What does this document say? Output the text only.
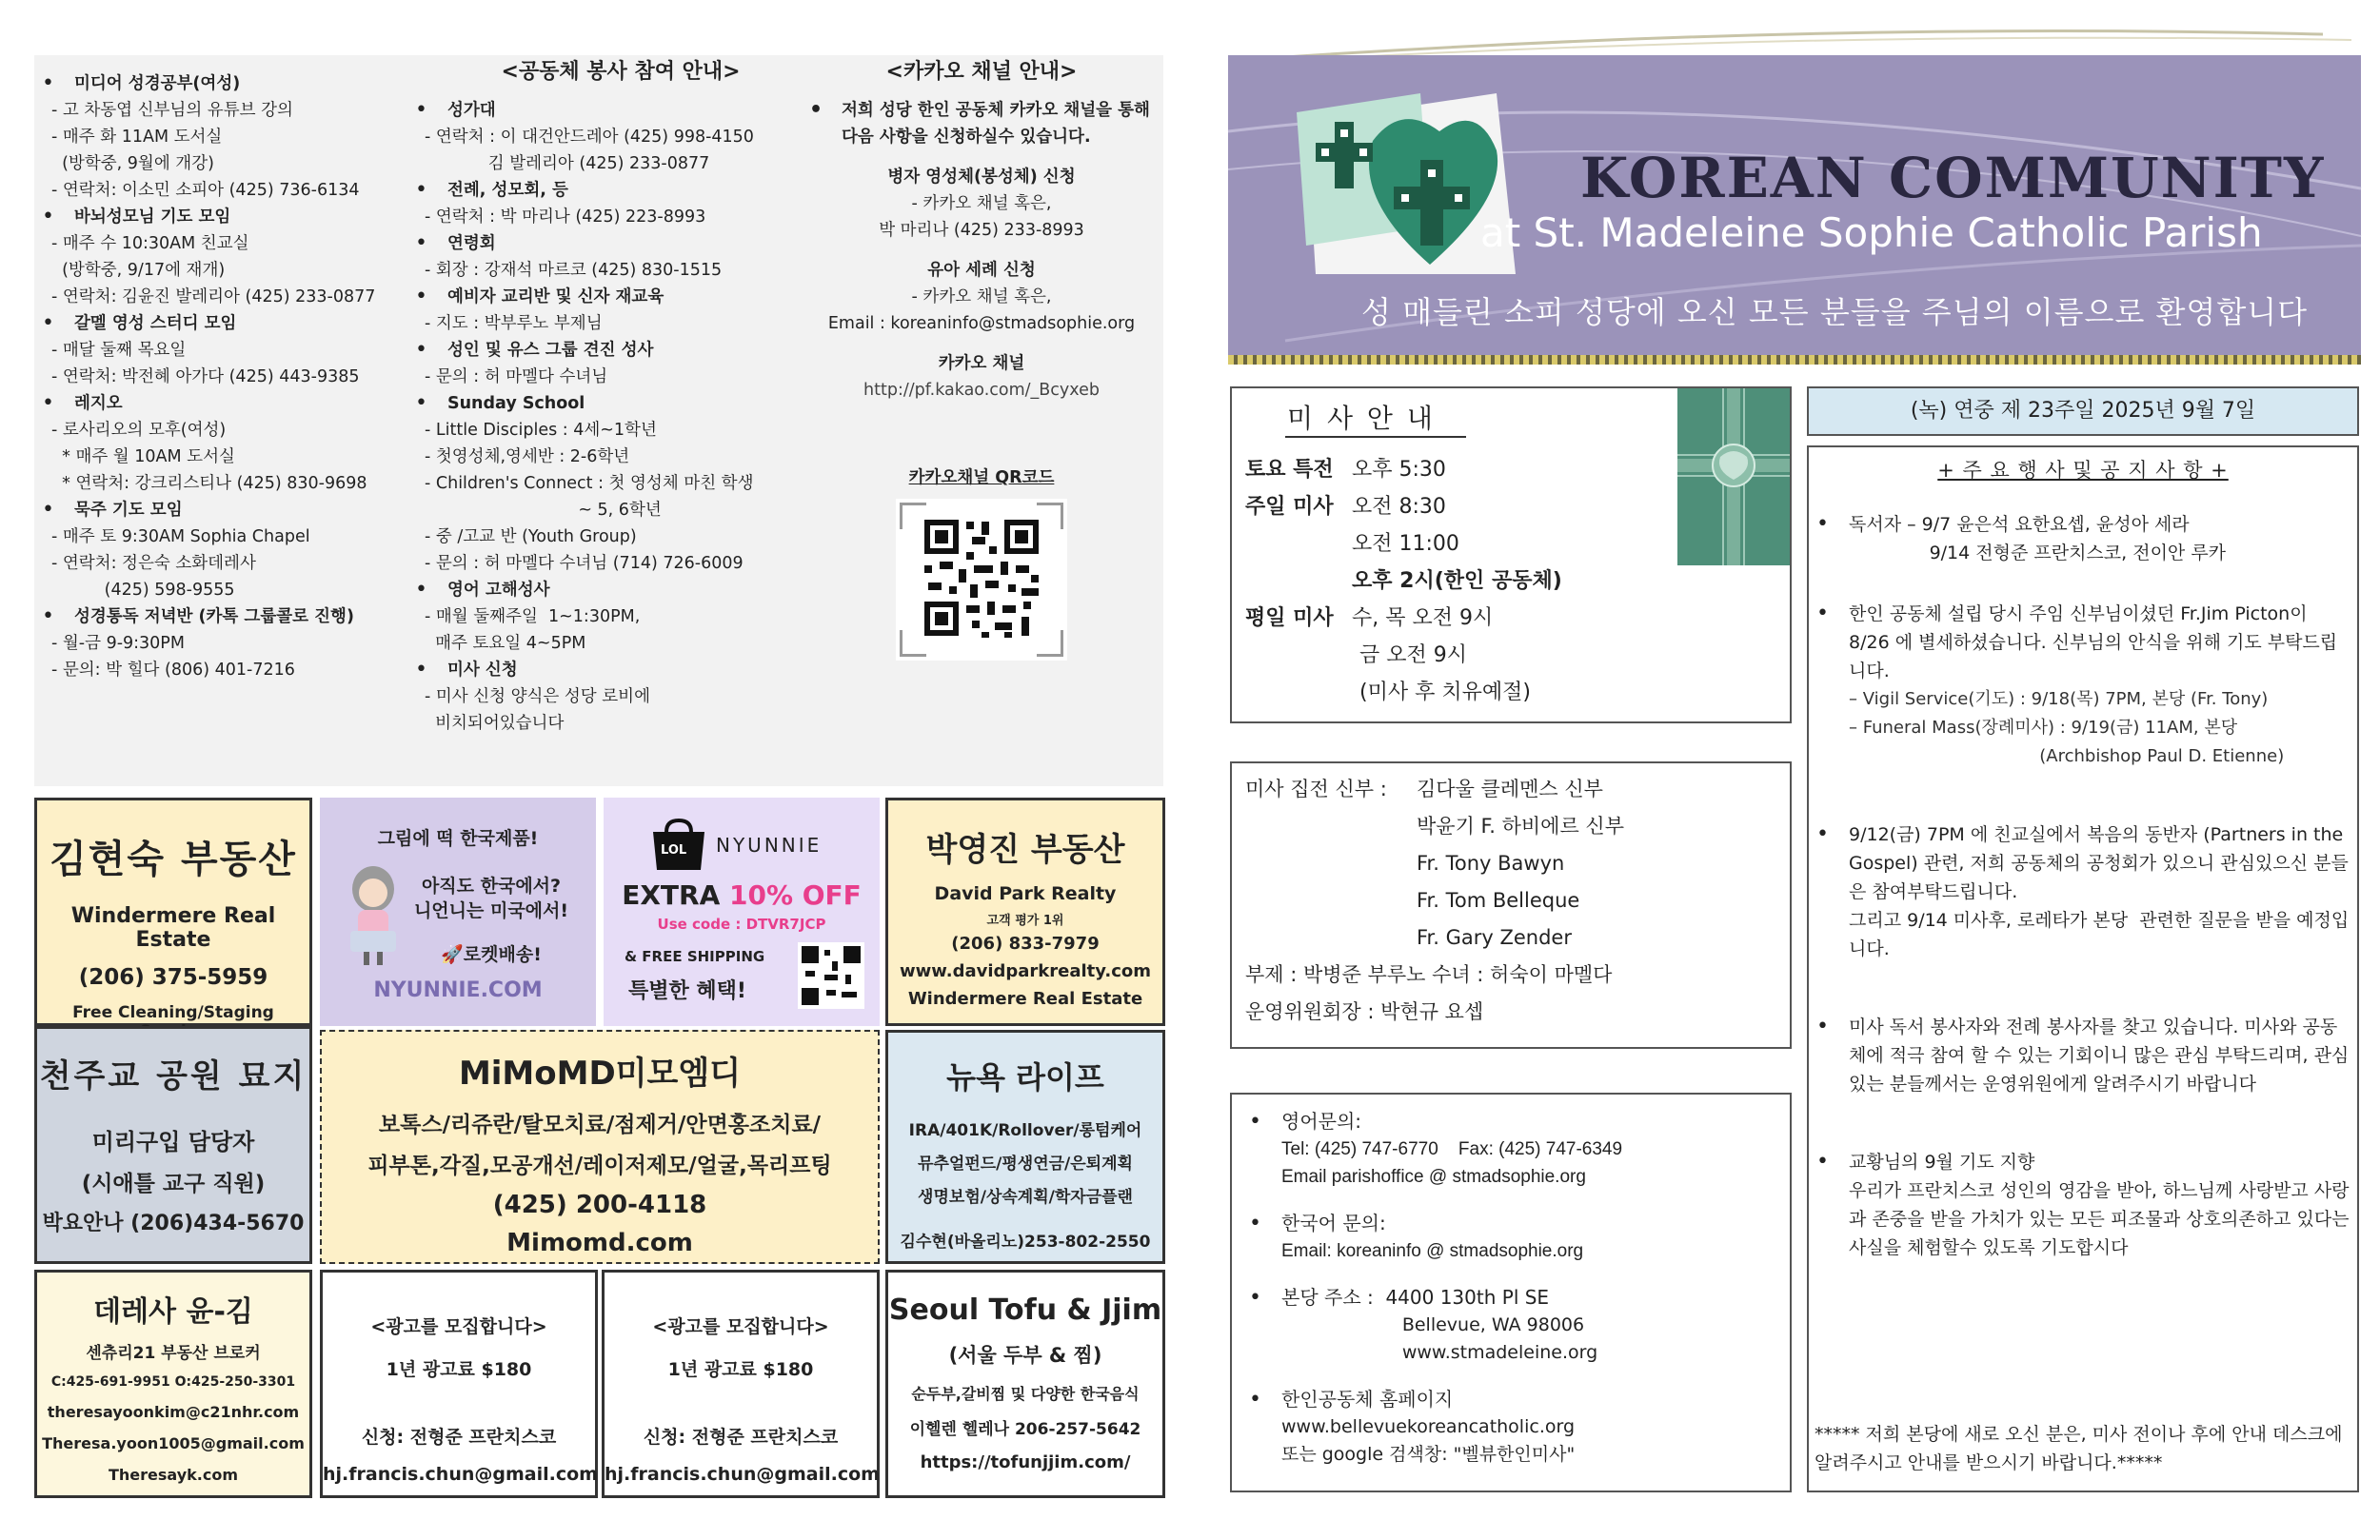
• 미디어 성경공부(여성)
- 고 차동엽 신부님의 유튜브 강의
- 매주 화 11AM 도서실
(방학중, 9월에 개강)
- 연락처: 이소민 소피아 (425) 736-6134
• 바뇌성모님 기도 모임
- 매주 수 10:30AM 친교실
(방학중, 9/17에 재개)
- 연락처: 김윤진 발레리아 (425) 233-0877
• 갈멜 영성 스터디 모임
- 매달 둘째 목요일
- 연락처: 박전혜 아가다 (425) 443-9385
• 레지오
- 로사리오의 모후(여성)
* 매주 월 10AM 도서실
* 연락처: 강크리스티나 (425) 830-9698
• 묵주 기도 모임
- 매주 토 9:30AM Sophia Chapel
- 연락처: 정은숙 소화데레사
(425) 598-9555
• 성경통독 저녁반 (카톡 그룹콜로 진행)
- 월-금 9-9:30PM
- 문의: 박 힐다 (806) 401-7216
<공동체 봉사 참여 안내>
• 성가대
- 연락처 : 이 대건안드레아 (425) 998-4150
김 발레리아 (425) 233-0877
• 전례, 성모회, 등
- 연락처 : 박 마리나 (425) 223-8993
• 연령회
- 회장 : 강재석 마르코 (425) 830-1515
• 예비자 교리반 및 신자 재교육
- 지도 : 박부루노 부제님
• 성인 및 유스 그룹 견진 성사
- 문의 : 허 마멜다 수녀님
• Sunday School
- Little Disciples : 4세~1학년
- 첫영성체,영세반 : 2-6학년
- Children's Connect : 첫 영성체 마친 학생
~ 5, 6학년
- 중 /고교 반 (Youth Group)
- 문의 : 허 마멜다 수녀님 (714) 726-6009
• 영어 고해성사
- 매월 둘째주일  1~1:30PM,
매주 토요일 4~5PM
• 미사 신청
- 미사 신청 양식은 성당 로비에
비치되어있습니다
<카카오 채널 안내>
• 저희 성당 한인 공동체 카카오 채널을 통해 다음 사항을 신청하실수 있습니다.
병자 영성체(봉성체) 신청
- 카카오 채널 혹은,
박 마리나 (425) 233-8993
유아 세례 신청
- 카카오 채널 혹은,
Email : koreaninfo@stmadsophie.org
카카오 채널
http://pf.kakao.com/_Bcyxeb
카카오채널 QR코드
김현숙 부동산
Windermere Real Estate
(206) 375-5959
Free Cleaning/Staging
그림에 떡 한국제품!
아직도 한국에서?
니언니는 미국에서!
🚀로켓배송!
NYUNNIE.COM
LOL NYUNNIE
EXTRA 10% OFF
Use code : DTVR7JCP
& FREE SHIPPING
특별한 혜택!
박영진 부동산
David Park Realty
고객 평가 1위
(206) 833-7979
www.davidparkrealty.com
Windermere Real Estate
천주교 공원 묘지
미리구입 담당자
(시애틀 교구 직원)
박요안나 (206)434-5670
MiMoMD미모엠디
보톡스/리쥬란/탈모치료/점제거/안면홍조치료/
피부톤,각질,모공개선/레이저제모/얼굴,목리프팅
(425) 200-4118
Mimomd.com
뉴욕 라이프
IRA/401K/Rollover/롱텀케어
뮤추얼펀드/평생연금/은퇴계획
생명보험/상속계획/학자금플랜
김수현(바올리노)253-802-2550
데레사 윤-김
센츄리21 부동산 브로커
C:425-691-9951 O:425-250-3301
theresayoonkim@c21nhr.com
Theresa.yoon1005@gmail.com
Theresayk.com
<광고를 모집합니다>
1년 광고료 $180
신청: 전형준 프란치스코
hj.francis.chun@gmail.com
<광고를 모집합니다>
1년 광고료 $180
신청: 전형준 프란치스코
hj.francis.chun@gmail.com
Seoul Tofu & Jjim
(서울 두부 & 찜)
순두부,갈비찜 및 다양한 한국음식
이헬렌 헬레나 206-257-5642
https://tofunjjim.com/
KOREAN COMMUNITY
at St. Madeleine Sophie Catholic Parish
성 매들린 소피 성당에 오신 모든 분들을 주님의 이름으로 환영합니다
미 사 안 내
토요 특전 오후 5:30
주일 미사 오전 8:30
오전 11:00
오후 2시(한인 공동체)
평일 미사 수, 목 오전 9시
금 오전 9시
(미사 후 치유예절)
미사 집전 신부 :	김다울 클레멘스 신부
박윤기 F. 하비에르 신부
Fr. Tony Bawyn
Fr. Tom Belleque
Fr. Gary Zender
부제 : 박병준 부루노 수녀 : 허숙이 마멜다
운영위원회장 : 박현규 요셉
• 영어문의:
Tel: (425) 747-6770    Fax: (425) 747-6349
Email parishoffice @ stmadsophie.org
• 한국어 문의:
Email: koreaninfo @ stmadsophie.org
• 본당 주소 :  4400 130th Pl SE
Bellevue, WA 98006
www.stmadeleine.org
• 한인공동체 홈페이지
www.bellevuekoreancatholic.org
또는 google 검색창: "벨뷰한인미사"
(녹) 연중 제 23주일 2025년 9월 7일
+ 주 요 행 사 및 공 지 사 항 +
• 독서자 – 9/7 윤은석 요한요셉, 윤성아 세라
9/14 전형준 프란치스코, 전이안 루카
• 한인 공동체 설립 당시 주임 신부님이셨던 Fr.Jim Picton이 8/26 에 별세하셨습니다. 신부님의 안식을 위해 기도 부탁드립니다.
– Vigil Service(기도) : 9/18(목) 7PM, 본당 (Fr. Tony)
– Funeral Mass(장례미사) : 9/19(금) 11AM, 본당
(Archbishop Paul D. Etienne)
• 9/12(금) 7PM 에 친교실에서 복음의 동반자 (Partners in the Gospel) 관련, 저희 공동체의 공청회가 있으니 관심있으신 분들은 참여부탁드립니다.
그리고 9/14 미사후, 로레타가 본당  관련한 질문을 받을 예정입니다.
• 미사 독서 봉사자와 전례 봉사자를 찾고 있습니다. 미사와 공동체에 적극 참여 할 수 있는 기회이니 많은 관심 부탁드리며, 관심 있는 분들께서는 운영위원에게 알려주시기 바랍니다
• 교황님의 9월 기도 지향
우리가 프란치스코 성인의 영감을 받아, 하느님께 사랑받고 사랑과 존중을 받을 가치가 있는 모든 피조물과 상호의존하고 있다는 사실을 체험할수 있도록 기도합시다
***** 저희 본당에 새로 오신 분은, 미사 전이나 후에 안내 데스크에 알려주시고 안내를 받으시기 바랍니다.*****
